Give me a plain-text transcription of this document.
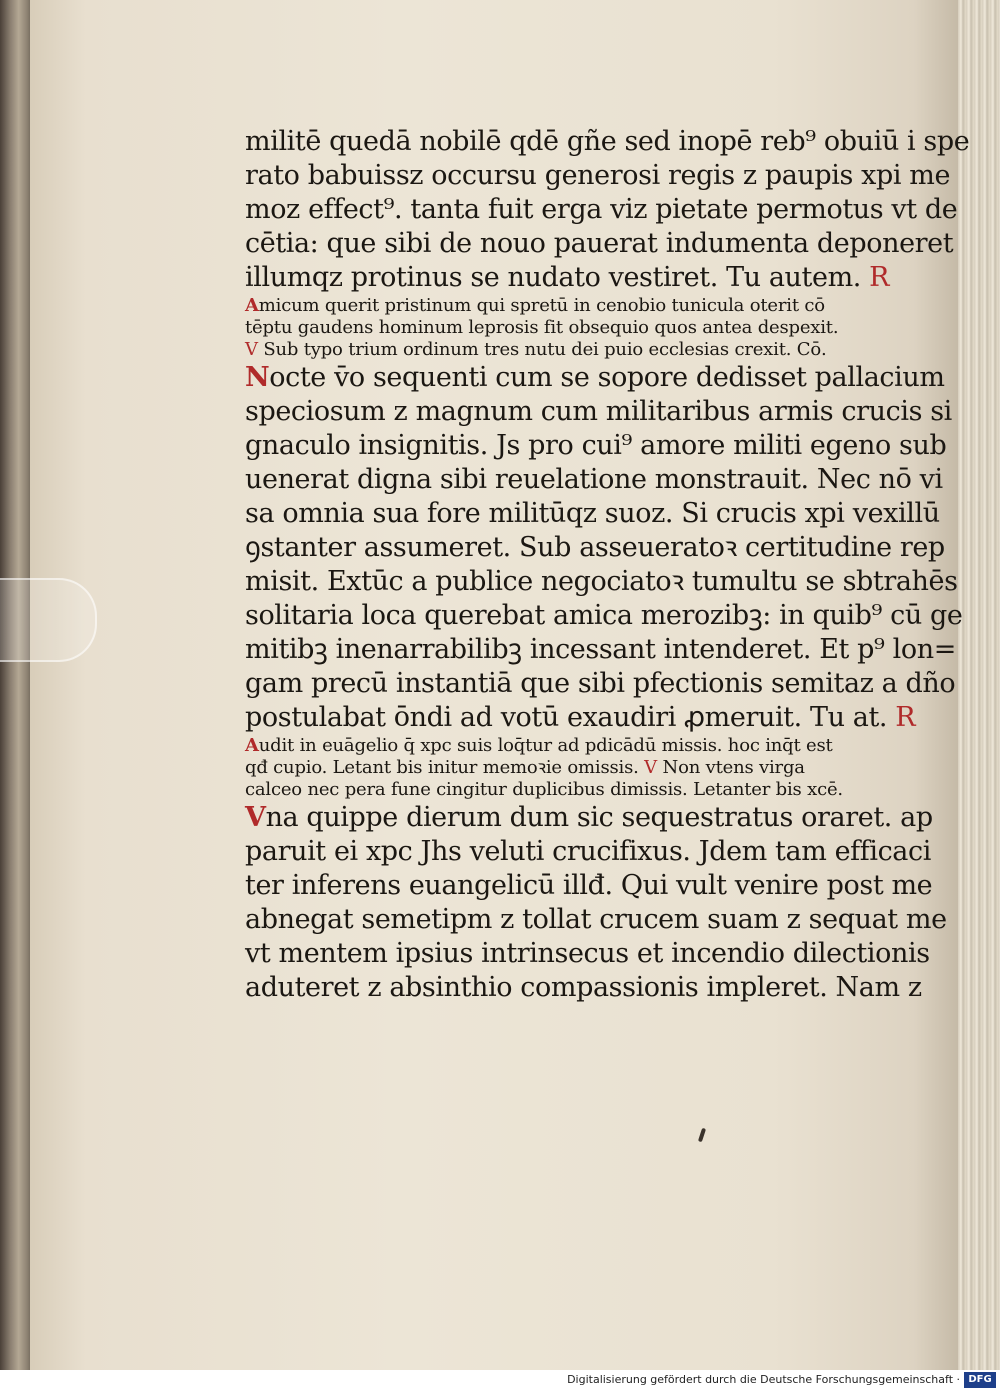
militē quedā nobilē qdē gñe sed inopē reb⁹ obuiū i spe
rato babuissz occursu generosi regis z paupis xpi me
moz effect⁹. tanta fuit erga viz pietate permotus vt de
cētia: que sibi de nouo pauerat indumenta deponeret
illumqz protinus se nudato vestiret. Tu autem. R
Amicum querit pristinum qui spretū in cenobio tunicula oterit cō
tēptu gaudens hominum leprosis fit obsequio quos antea despexit.
V Sub typo trium ordinum tres nutu dei puio ecclesias crexit. Cō.
Nocte v̄o sequenti cum se sopore dedisset pallacium
speciosum z magnum cum militaribus armis crucis si
gnaculo insignitis. Js pro cui⁹ amore militi egeno sub
uenerat digna sibi reuelatione monstrauit. Nec nō vi
sa omnia sua fore militūqz suoz. Si crucis xpi vexillū
ꝯstanter assumeret. Sub asseueratoꝛ certitudine rep
misit. Extūc a publice negociatoꝛ tumultu se sbtrahēs
solitaria loca querebat amica merozibꝫ: in quib⁹ cū ge
mitibꝫ inenarrabilibꝫ incessant intenderet. Et p⁹ lon=
gam precū instantiā que sibi pfectionis semitaz a dño
postulabat ōndi ad votū exaudiri ꝓmeruit. Tu at. R
Audit in euāgelio q̄ xpc suis loq̄tur ad pdicādū missis. hoc inq̄t est
qđ cupio. Letant bis initur memoꝛie omissis. V Non vtens virga
calceo nec pera fune cingitur duplicibus dimissis. Letanter bis xcē.
Vna quippe dierum dum sic sequestratus oraret. ap
paruit ei xpc Jhs veluti crucifixus. Jdem tam efficaci
ter inferens euangelicū illđ. Qui vult venire post me
abnegat semetipm z tollat crucem suam z sequat me
vt mentem ipsius intrinsecus et incendio dilectionis
aduteret z absinthio compassionis impleret. Nam z
Digitalisierung gefördert durch die Deutsche Forschungsgemeinschaft · DFG
